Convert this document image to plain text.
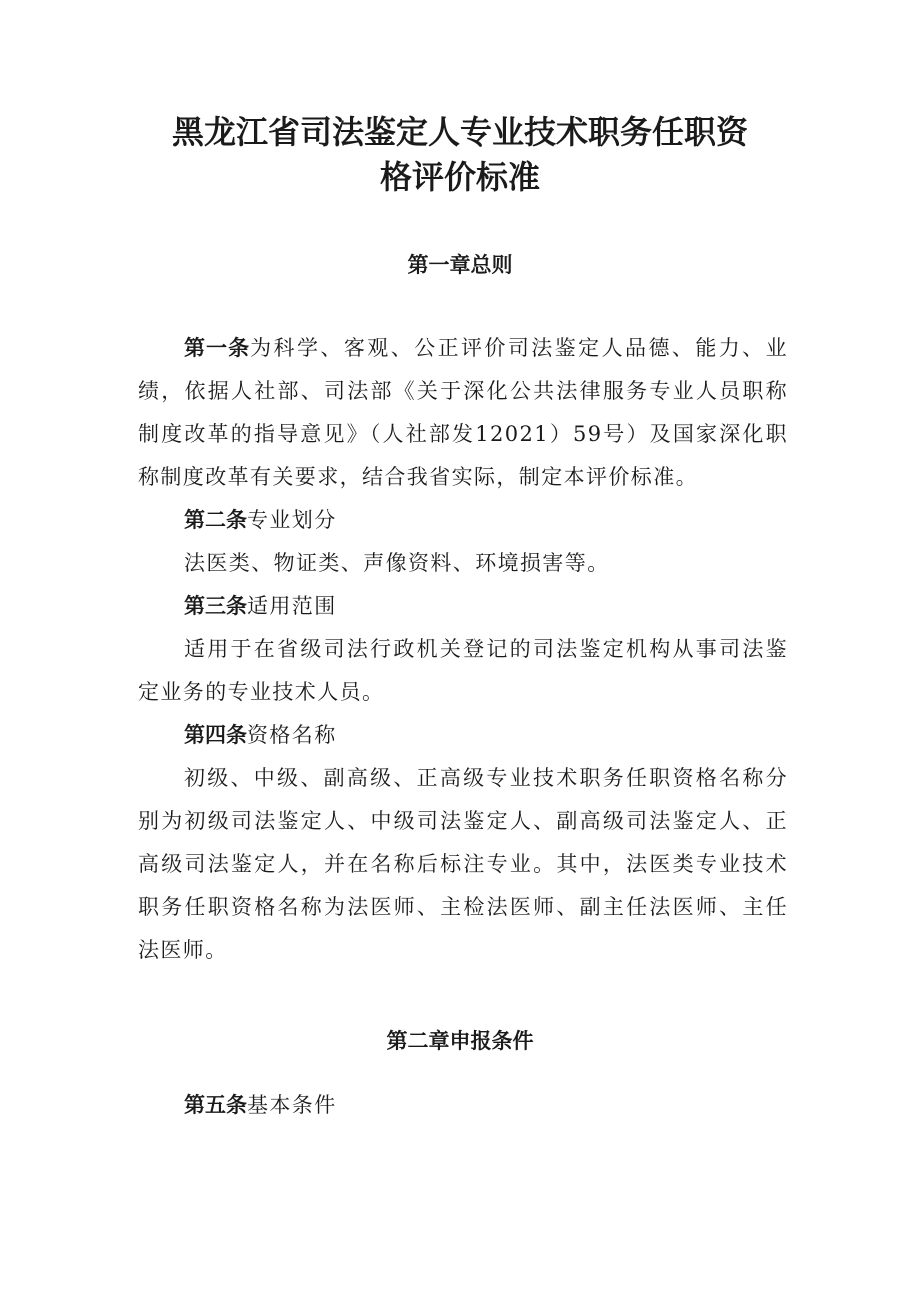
黑龙江省司法鉴定人专业技术职务任职资
格评价标准
第一章总则
第一条为科学、客观、公正评价司法鉴定人品德、能力、业
绩，依据人社部、司法部《关于深化公共法律服务专业人员职称
制度改革的指导意见》（人社部发12021）59号）及国家深化职
称制度改革有关要求，结合我省实际，制定本评价标准。
第二条专业划分
法医类、物证类、声像资料、环境损害等。
第三条适用范围
适用于在省级司法行政机关登记的司法鉴定机构从事司法鉴
定业务的专业技术人员。
第四条资格名称
初级、中级、副高级、正高级专业技术职务任职资格名称分
别为初级司法鉴定人、中级司法鉴定人、副高级司法鉴定人、正
高级司法鉴定人，并在名称后标注专业。其中，法医类专业技术
职务任职资格名称为法医师、主检法医师、副主任法医师、主任
法医师。
第二章申报条件
第五条基本条件
